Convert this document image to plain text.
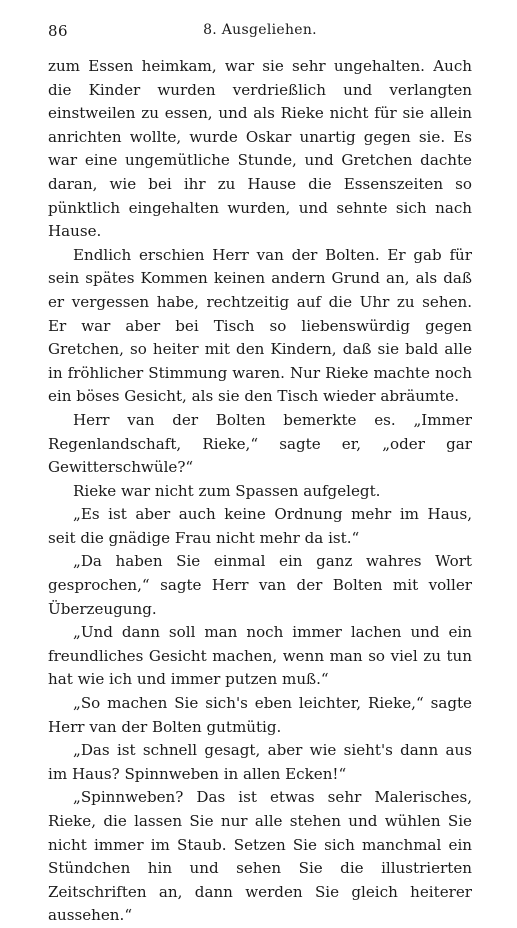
86	8. Ausgeliehen.

zum Essen heimkam, war sie sehr ungehalten. Auch die Kinder wurden verdrießlich und verlangten einstweilen zu essen, und als Rieke nicht für sie allein anrichten wollte, wurde Oskar unartig gegen sie. Es war eine ungemütliche Stunde, und Gretchen dachte daran, wie bei ihr zu Hause die Essenszeiten so pünktlich eingehalten wurden, und sehnte sich nach Hause.

Endlich erschien Herr van der Bolten. Er gab für sein spätes Kommen keinen andern Grund an, als daß er vergessen habe, rechtzeitig auf die Uhr zu sehen. Er war aber bei Tisch so liebenswürdig gegen Gretchen, so heiter mit den Kindern, daß sie bald alle in fröhlicher Stimmung waren. Nur Rieke machte noch ein böses Gesicht, als sie den Tisch wieder abräumte.

Herr van der Bolten bemerkte es. „Immer Regenlandschaft, Rieke,“ sagte er, „oder gar Gewitterschwüle?“

Rieke war nicht zum Spassen aufgelegt.

„Es ist aber auch keine Ordnung mehr im Haus, seit die gnädige Frau nicht mehr da ist.“

„Da haben Sie einmal ein ganz wahres Wort gesprochen,“ sagte Herr van der Bolten mit voller Überzeugung.

„Und dann soll man noch immer lachen und ein freundliches Gesicht machen, wenn man so viel zu tun hat wie ich und immer putzen muß.“

„So machen Sie sich's eben leichter, Rieke,“ sagte Herr van der Bolten gutmütig.

„Das ist schnell gesagt, aber wie sieht's dann aus im Haus? Spinnweben in allen Ecken!“

„Spinnweben? Das ist etwas sehr Malerisches, Rieke, die lassen Sie nur alle stehen und wühlen Sie nicht immer im Staub. Setzen Sie sich manchmal ein Stündchen hin und sehen Sie die illustrierten Zeitschriften an, dann werden Sie gleich heiterer aussehen.“
